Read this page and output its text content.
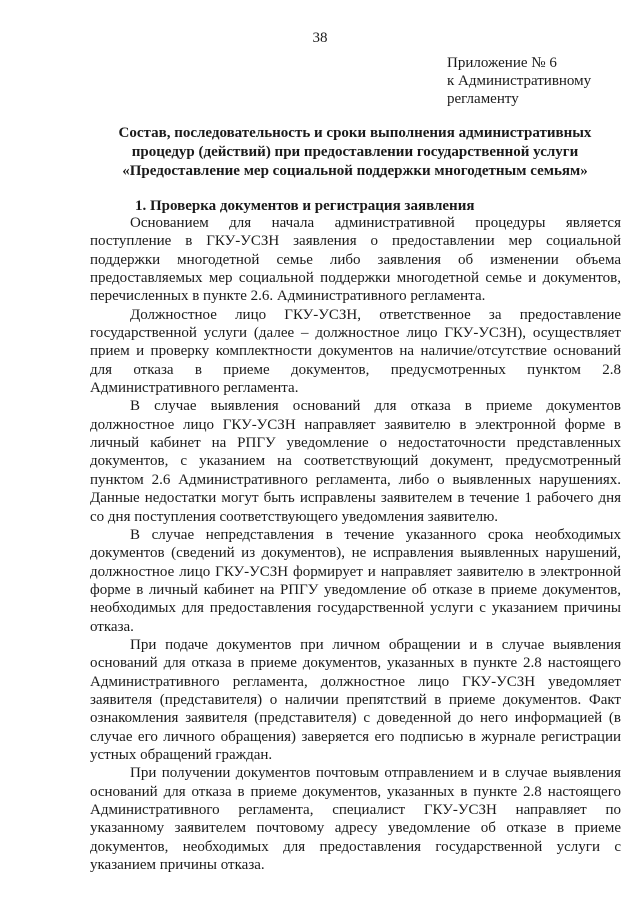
38
Приложение № 6
к Административному
регламенту
Состав, последовательность и сроки выполнения административных
процедур (действий) при предоставлении государственной услуги
«Предоставление мер социальной поддержки многодетным семьям»
1. Проверка документов и регистрация заявления

Основанием для начала административной процедуры является поступление в ГКУ-УСЗН заявления о предоставлении мер социальной поддержки многодетной семье либо заявления об изменении объема предоставляемых мер социальной поддержки многодетной семье и документов, перечисленных в пункте 2.6. Административного регламента.

Должностное лицо ГКУ-УСЗН, ответственное за предоставление государственной услуги (далее – должностное лицо ГКУ-УСЗН), осуществляет прием и проверку комплектности документов на наличие/отсутствие оснований для отказа в приеме документов, предусмотренных пунктом 2.8 Административного регламента.

В случае выявления оснований для отказа в приеме документов должностное лицо ГКУ-УСЗН направляет заявителю в электронной форме в личный кабинет на РПГУ уведомление о недостаточности представленных документов, с указанием на соответствующий документ, предусмотренный пунктом 2.6 Административного регламента, либо о выявленных нарушениях. Данные недостатки могут быть исправлены заявителем в течение 1 рабочего дня со дня поступления соответствующего уведомления заявителю.

В случае непредставления в течение указанного срока необходимых документов (сведений из документов), не исправления выявленных нарушений, должностное лицо ГКУ-УСЗН формирует и направляет заявителю в электронной форме в личный кабинет на РПГУ уведомление об отказе в приеме документов, необходимых для предоставления государственной услуги с указанием причины отказа.

При подаче документов при личном обращении и в случае выявления оснований для отказа в приеме документов, указанных в пункте 2.8 настоящего Административного регламента, должностное лицо ГКУ-УСЗН уведомляет заявителя (представителя) о наличии препятствий в приеме документов. Факт ознакомления заявителя (представителя) с доведенной до него информацией (в случае его личного обращения) заверяется его подписью в журнале регистрации устных обращений граждан.

При получении документов почтовым отправлением и в случае выявления оснований для отказа в приеме документов, указанных в пункте 2.8 настоящего Административного регламента, специалист ГКУ-УСЗН направляет по указанному заявителем почтовому адресу уведомление об отказе в приеме документов, необходимых для предоставления государственной услуги с указанием причины отказа.
